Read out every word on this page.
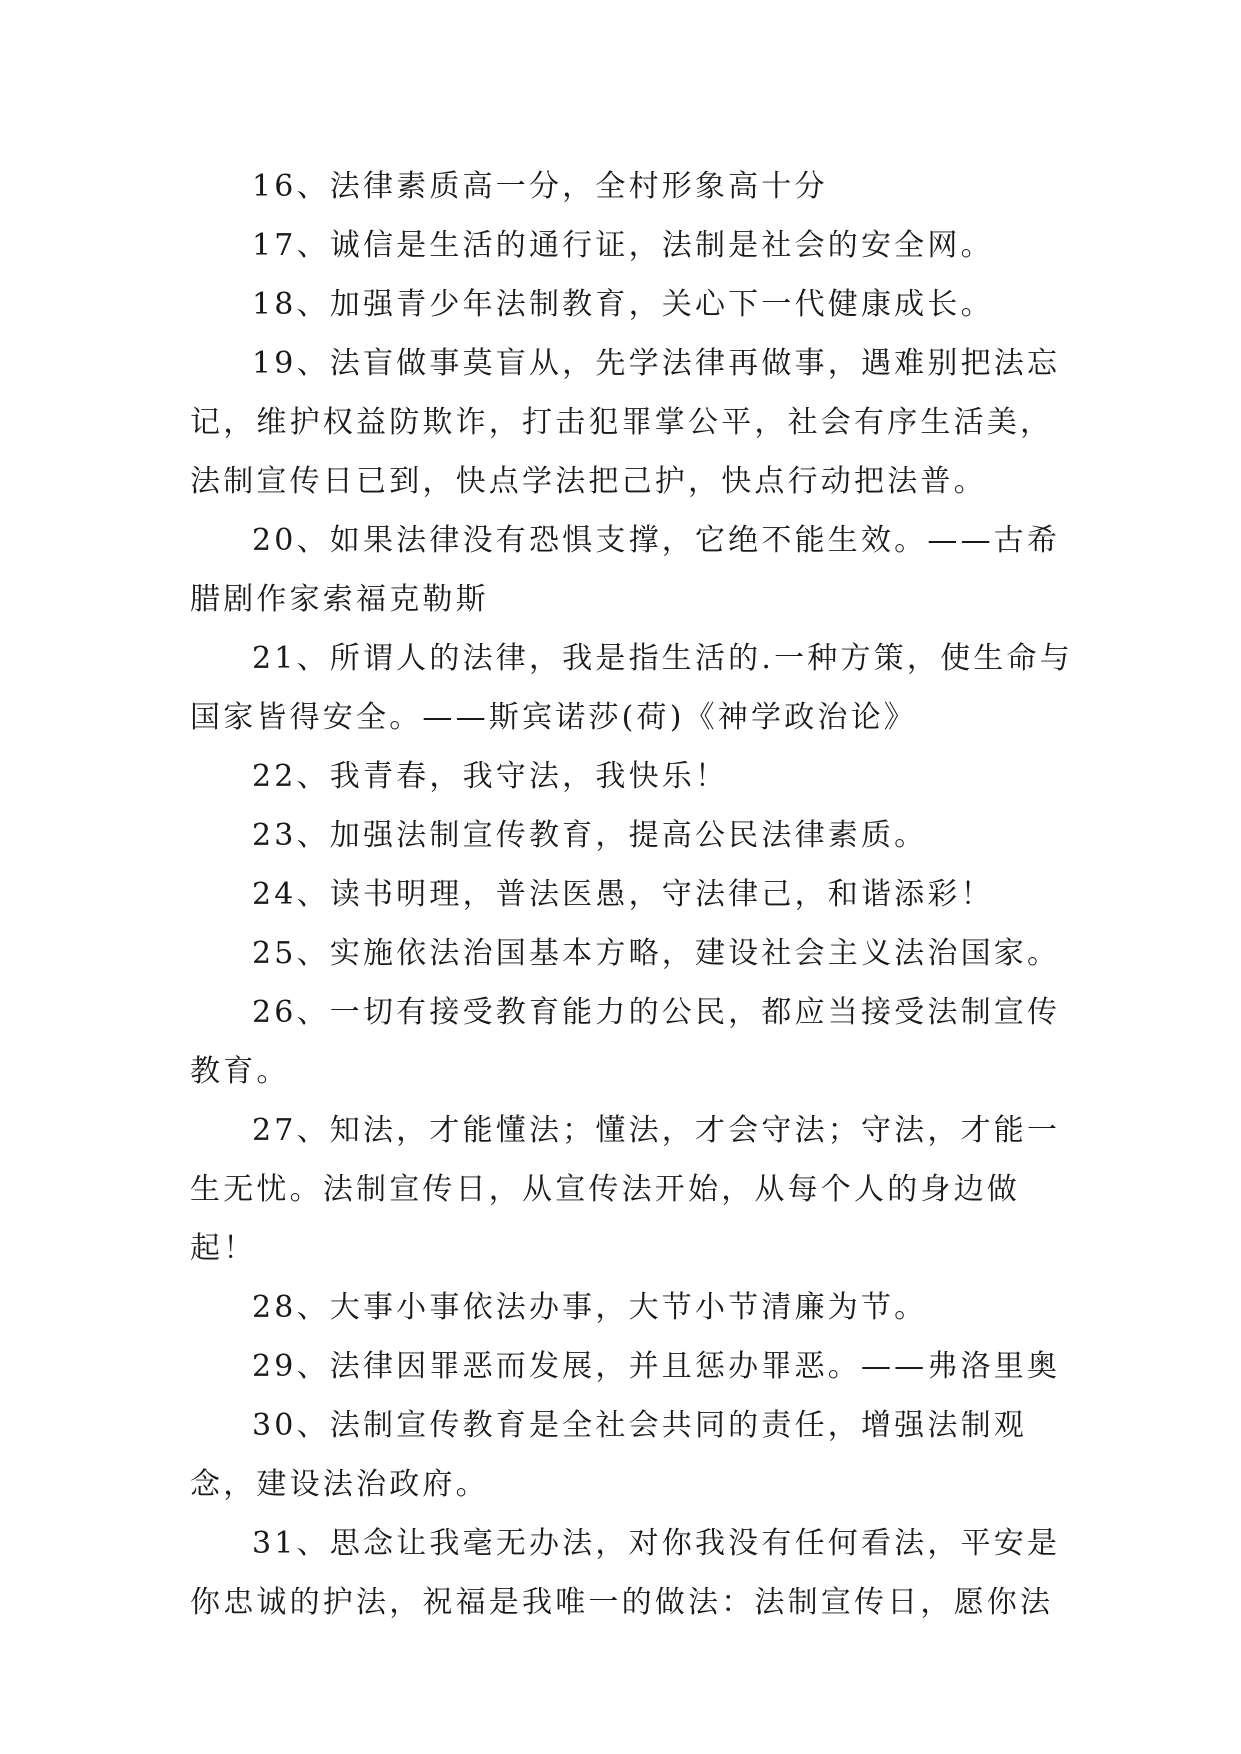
16、法律素质高一分，全村形象高十分

17、诚信是生活的通行证，法制是社会的安全网。

18、加强青少年法制教育，关心下一代健康成长。

19、法盲做事莫盲从，先学法律再做事，遇难别把法忘记，维护权益防欺诈，打击犯罪掌公平，社会有序生活美，法制宣传日已到，快点学法把己护，快点行动把法普。

20、如果法律没有恐惧支撑，它绝不能生效。——古希腊剧作家索福克勒斯

21、所谓人的法律，我是指生活的.一种方策，使生命与国家皆得安全。——斯宾诺莎(荷)《神学政治论》

22、我青春，我守法，我快乐！

23、加强法制宣传教育，提高公民法律素质。

24、读书明理，普法医愚，守法律己，和谐添彩！

25、实施依法治国基本方略，建设社会主义法治国家。

26、一切有接受教育能力的公民，都应当接受法制宣传教育。

27、知法，才能懂法；懂法，才会守法；守法，才能一生无忧。法制宣传日，从宣传法开始，从每个人的身边做起！

28、大事小事依法办事，大节小节清廉为节。

29、法律因罪恶而发展，并且惩办罪恶。——弗洛里奥

30、法制宣传教育是全社会共同的责任，增强法制观念，建设法治政府。

31、思念让我毫无办法，对你我没有任何看法，平安是你忠诚的护法，祝福是我唯一的做法：法制宣传日，愿你法
